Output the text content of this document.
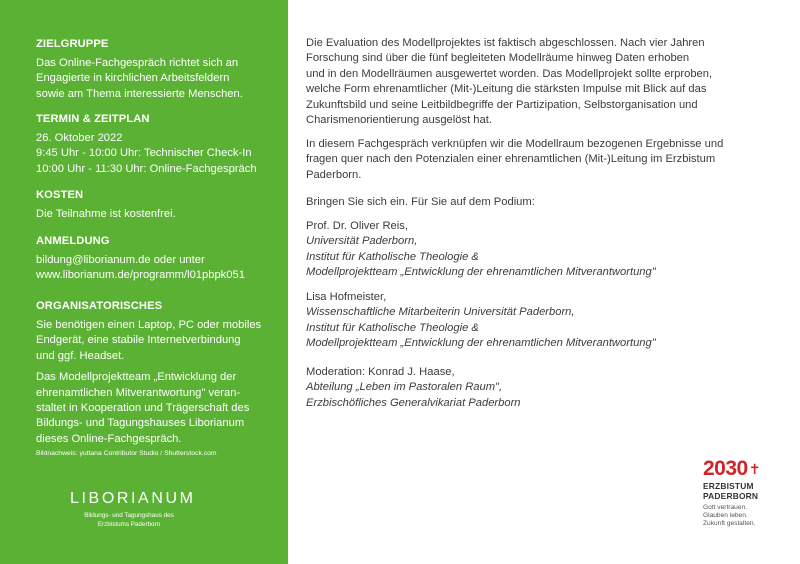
ZIELGRUPPE

Das Online-Fachgespräch richtet sich an
Engagierte in kirchlichen Arbeitsfeldern
sowie am Thema interessierte Menschen.

TERMIN & ZEITPLAN

26. Oktober 2022
9:45 Uhr - 10:00 Uhr: Technischer Check-In
10:00 Uhr - 11:30 Uhr: Online-Fachgespräch

KOSTEN

Die Teilnahme ist kostenfrei.

ANMELDUNG

bildung@liborianum.de oder unter
www.liborianum.de/programm/l01pbpk051

ORGANISATORISCHES

Sie benötigen einen Laptop, PC oder mobiles
Endgerät, eine stabile Internetverbindung
und ggf. Headset.

Das Modellprojektteam „Entwicklung der
ehrenamtlichen Mitverantwortung" veran-
staltet in Kooperation und Trägerschaft des
Bildungs- und Tagungshauses Liborianum
dieses Online-Fachgespräch.

Bildnachweis: yuttana Contributor Studio / Shutterstock.com
LIBORIANUM
Bildungs- und Tagungshaus des
Erzbistums Paderborn
Die Evaluation des Modellprojektes ist faktisch abgeschlossen. Nach vier Jahren
Forschung sind über die fünf begleiteten Modellräume hinweg Daten erhoben
und in den Modellräumen ausgewertet worden. Das Modellprojekt sollte erproben,
welche Form ehrenamtlicher (Mit-)Leitung die stärksten Impulse mit Blick auf das
Zukunftsbild und seine Leitbildbegriffe der Partizipation, Selbstorganisation und
Charismenorientierung ausgelöst hat.
In diesem Fachgespräch verknüpfen wir die Modellraum bezogenen Ergebnisse und
fragen quer nach den Potenzialen einer ehrenamtlichen (Mit-)Leitung im Erzbistum
Paderborn.
Bringen Sie sich ein. Für Sie auf dem Podium:
Prof. Dr. Oliver Reis,
Universität Paderborn,
Institut für Katholische Theologie &
Modellprojektteam „Entwicklung der ehrenamtlichen Mitverantwortung"
Lisa Hofmeister,
Wissenschaftliche Mitarbeiterin Universität Paderborn,
Institut für Katholische Theologie &
Modellprojektteam „Entwicklung der ehrenamtlichen Mitverantwortung"
Moderation: Konrad J. Haase,
Abteilung „Leben im Pastoralen Raum",
Erzbischöfliches Generalvikariat Paderborn
2030✝
ERZBISTUM
PADERBORN
Gott vertrauen.
Glauben leben.
Zukunft gestalten.
